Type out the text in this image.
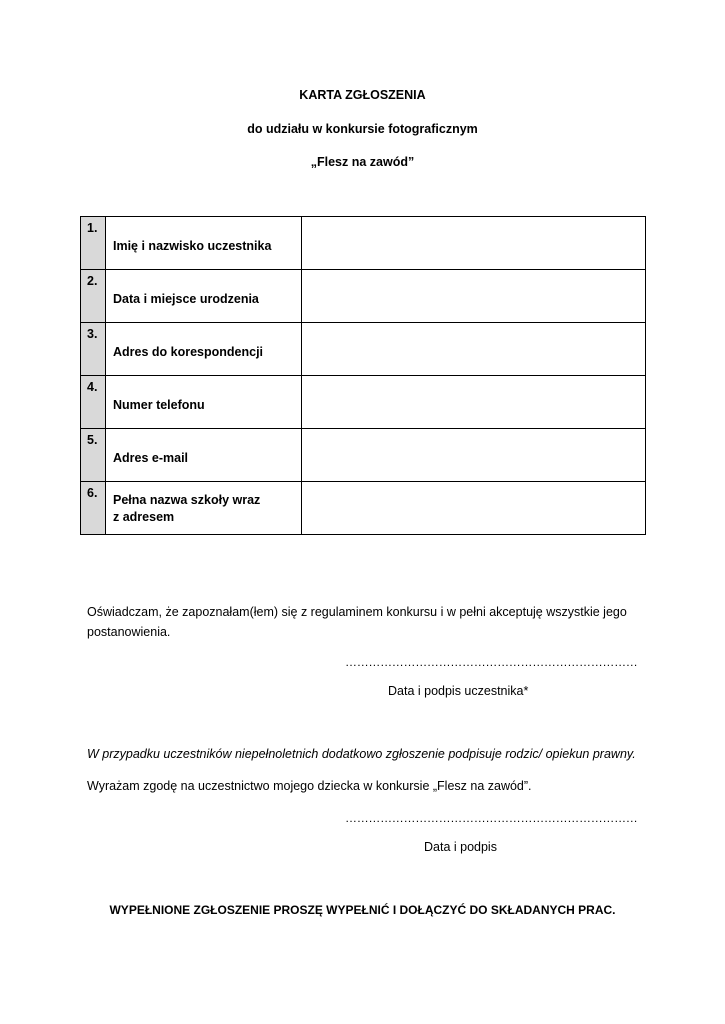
KARTA ZGŁOSZENIA
do udziału w konkursie fotograficznym
„Flesz na zawód”
1.	Imię i nazwisko uczestnika	
2.	Data i miejsce urodzenia	
3.	Adres do korespondencji	
4.	Numer telefonu	
5.	Adres e-mail	
6.	Pełna nazwa szkoły wraz
z adresem	

Oświadczam, że zapoznałam(łem) się z regulaminem konkursu i w pełni akceptuję wszystkie jego
postanowienia.
…………………………………………………………………
Data i podpis uczestnika*
W przypadku uczestników niepełnoletnich dodatkowo zgłoszenie podpisuje rodzic/ opiekun prawny.
Wyrażam zgodę na uczestnictwo mojego dziecka w konkursie „Flesz na zawód”.
…………………………………………………………………
Data i podpis
WYPEŁNIONE ZGŁOSZENIE PROSZĘ WYPEŁNIĆ I DOŁĄCZYĆ DO SKŁADANYCH PRAC.
